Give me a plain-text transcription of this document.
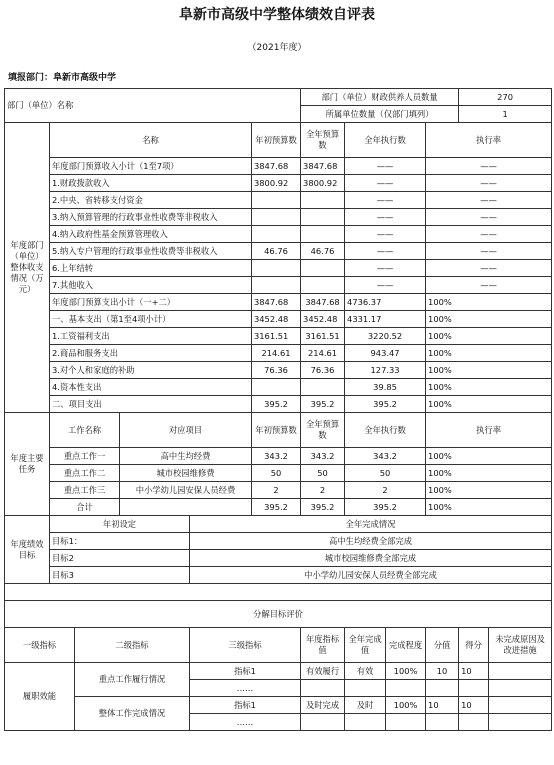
阜新市高级中学整体绩效自评表
（2021年度）
填报部门：阜新市高级中学
部门（单位）名称						部门（单位）财政供养人员数量				270	
						所属单位数量（仅部门填列）				1	
年度部门（单位）整体收支情况（万元）	名称				年初预算数	全年预算数	全年执行数		执行率		
	年度部门预算收入小计（1至7项）				3847.68	3847.68	——		——		
	1.财政拨款收入				3800.92	3800.92	——		——		
	2.中央、省转移支付资金						——		——		
	3.纳入预算管理的行政事业性收费等非税收入						——		——		
	4.纳入政府性基金预算管理收入						——		——		
	5.纳入专户管理的行政事业性收费等非税收入				46.76	46.76	——		——		
	6.上年结转						——		——		
	7.其他收入						——		——		
	年度部门预算支出小计（一+二）				3847.68	3847.68	4736.37		100%		
	一、基本支出（第1至4项小计）				3452.48	3452.48	4331.17		100%		
	1.工资福利支出				3161.51	3161.51	3220.52		100%		
	2.商品和服务支出				214.61	214.61	943.47		100%		
	3.对个人和家庭的补助				76.36	76.36	127.33		100%		
	4.资本性支出						39.85		100%		
	二、项目支出				395.2	395.2	395.2		100%		
年度主要任务	工作名称		对应项目		年初预算数	全年预算数	全年执行数		执行率		
	重点工作一		高中生均经费		343.2	343.2	343.2		100%		
	重点工作二		城市校园维修费		50	50	50		100%		
	重点工作三		中小学幼儿园安保人员经费		2	2	2		100%		
	合计				395.2	395.2	395.2		100%		
年度绩效目标	年初设定			全年完成情况							
	目标1：			高中生均经费全部完成							
	目标2			城市校园维修费全部完成							
	目标3			中小学幼儿园安保人员经费全部完成							

分解目标评价											
一级指标		二级指标		三级指标		年度指标值	全年完成值	完成程度	分值	得分	未完成原因及改进措施
履职效能		重点工作履行情况		指标1		有效履行	有效	100%	10	10	
				……							
		整体工作完成情况		指标1		及时完成	及时	100%	10	10	
				……							
